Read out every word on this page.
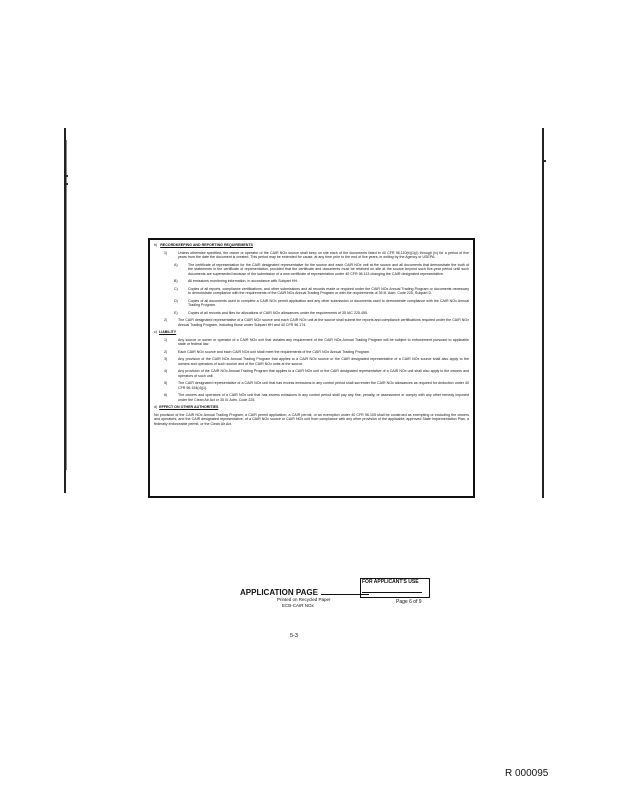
b) RECORDKEEPING AND REPORTING REQUIREMENTS
1)	Unless otherwise specified, the owner or operator of the CAIR NOx source shall keep on site each of the documents listed in 40 CFR 96.110(b)(1)(i) through (iv) for a period of five years from the date the document is created. This period may be extended for cause, at any time prior to the end of five years, in writing by the Agency or USEPA.
A)	The certificate of representation for the CAIR designated representative for the source and each CAIR NOx unit at the source and all documents that demonstrate the truth of the statements in the certificate of representation; provided that the certificate and documents must be retained on site at the source beyond such five-year period until such documents are superseded because of the submission of a new certificate of representation under 40 CFR 96.113 changing the CAIR designated representative.
B)	All emissions monitoring information, in accordance with Subpart HH.
C)	Copies of all reports, compliance certifications, and other submissions and all records made or required under the CAIR NOx Annual Trading Program or documents necessary to demonstrate compliance with the requirements of the CAIR NOx Annual Trading Program or with the requirements of 35 Ill. Adm. Code 225, Subpart D.
D)	Copies of all documents used to complete a CAIR NOx permit application and any other submission or documents used to demonstrate compliance with the CAIR NOx Annual Trading Program.
E)	Copies of all records and files for allocations of CAIR NOx allowances under the requirements of 35 IAC 225.455.
2)	The CAIR designated representative of a CAIR NOx source and each CAIR NOx unit at the source shall submit the reports and compliance certifications required under the CAIR NOx Annual Trading Program, including those under Subpart HH and 40 CFR 96.174.
c) LIABILITY
1)	Any source or owner or operator of a CAIR NOx unit that violates any requirement of the CAIR NOx Annual Trading Program will be subject to enforcement pursuant to applicable state or federal law.
2)	Each CAIR NOx source and each CAIR NOx unit shall meet the requirements of the CAIR NOx Annual Trading Program.
3)	Any provision of the CAIR NOx Annual Trading Program that applies to a CAIR NOx source or the CAIR designated representative of a CAIR NOx source shall also apply to the owners and operators of such source and of the CAIR NOx units at the source.
4)	Any provision of the CAIR NOx Annual Trading Program that applies to a CAIR NOx unit or the CAIR designated representative of a CAIR NOx unit shall also apply to the owners and operators of such unit.
5)	The CAIR designated representative of a CAIR NOx unit that has excess emissions in any control period shall surrender the CAIR NOx allowances as required for deduction under 40 CFR 96.154(d)(1).
6)	The owners and operators of a CAIR NOx unit that has excess emissions in any control period shall pay any fine, penalty, or assessment or comply with any other remedy imposed under the Clean Air Act or 35 Ill. Adm. Code 225.
d) EFFECT ON OTHER AUTHORITIES
No provision of the CAIR NOx Annual Trading Program, a CAIR permit application, a CAIR permit, or an exemption under 40 CFR 96.105 shall be construed as exempting or excluding the owners and operators, and the CAIR designated representative, of a CAIR NOx source or CAIR NOx unit from compliance with any other provision of the applicable, approved State Implementation Plan, a federally enforceable permit, or the Clean Air Act.
APPLICATION PAGE
FOR APPLICANT'S USE
Printed on Recycled Paper
ECB-CAIR NOx
Page 6 of 9
5-3
R 000095
